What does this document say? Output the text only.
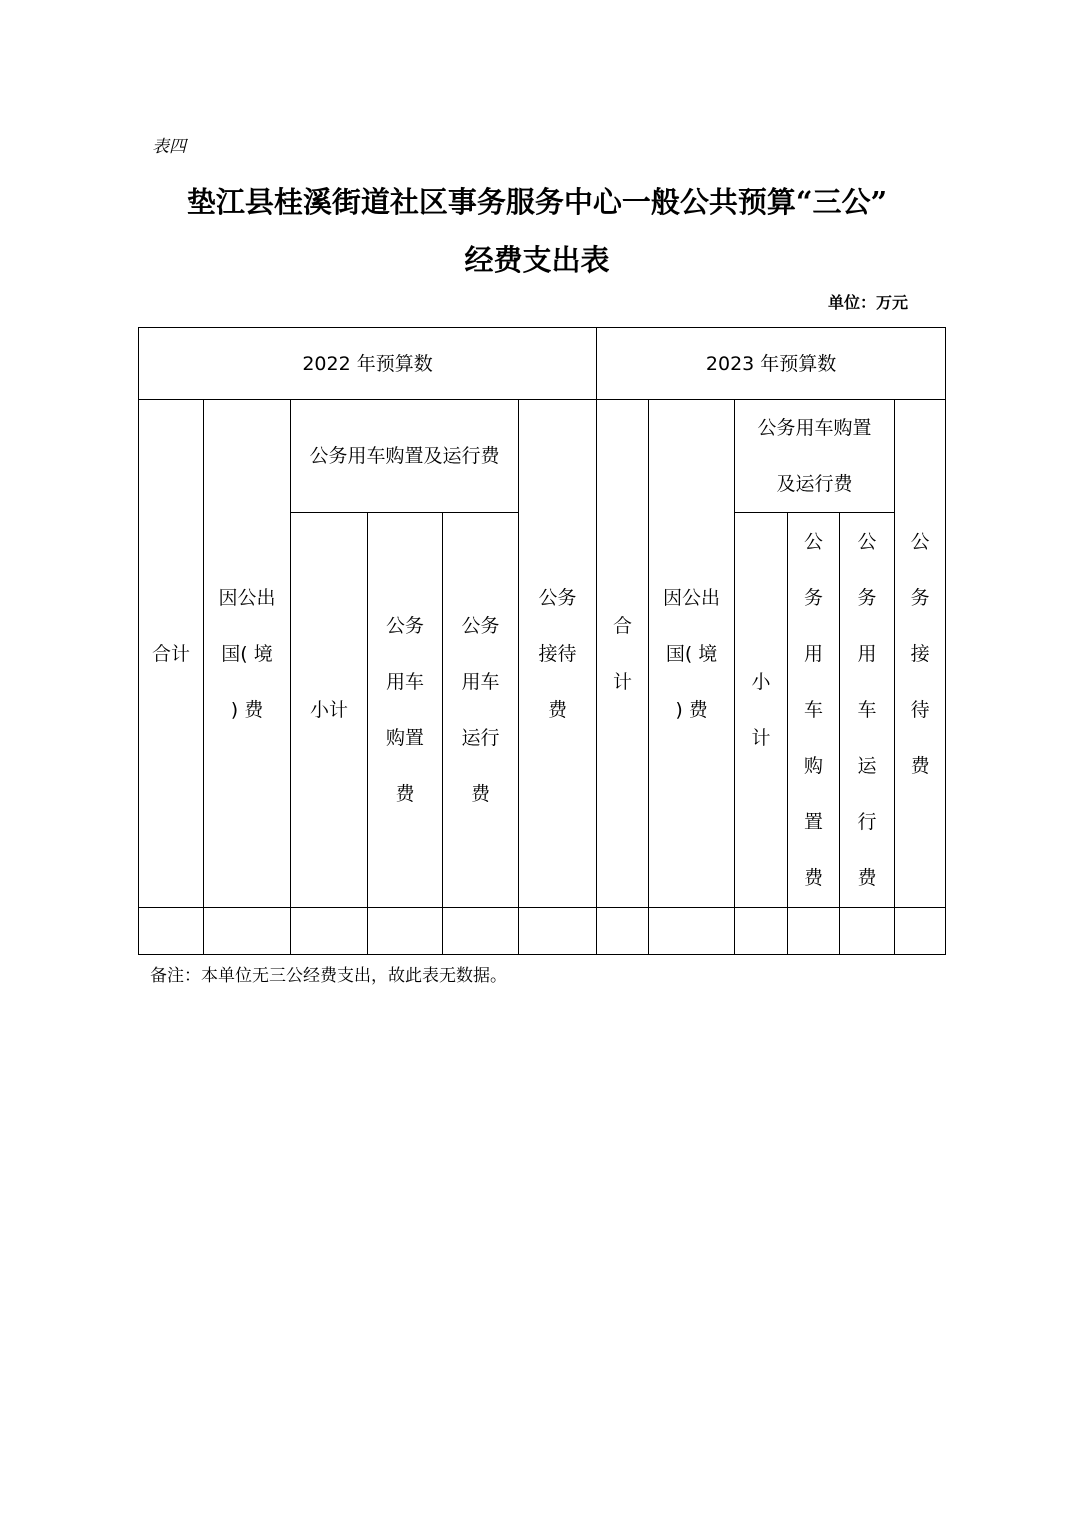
表四
垫江县桂溪街道社区事务服务中心一般公共预算“三公”
经费支出表
单位：万元
2022 年预算数						2023 年预算数					

合计	因公出国( 境 ) 费	公务用车购置及运行费			公务接待费	合计	因公出国( 境 ) 费	公务用车购置及运行费			公务接待费

		小计	公务用车购置费	公务用车运行费				小计	公务用车购置费	公务用车运行费	

备注：本单位无三公经费支出，故此表无数据。
